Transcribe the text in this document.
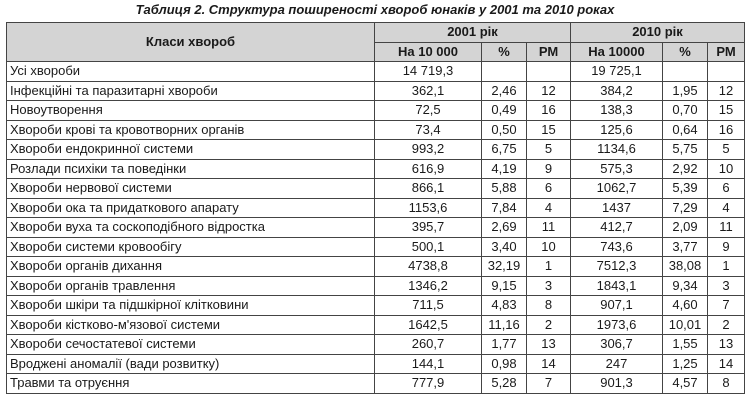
Таблиця 2. Структура поширеності хвороб юнаків у 2001 та 2010 роках
Класи хвороб	2001 рік			2010 рік		
	На 10 000	%	РМ	На 10000	%	РМ
Усі хвороби	14 719,3			19 725,1		
Інфекційні та паразитарні хвороби	362,1	2,46	12	384,2	1,95	12
Новоутворення	72,5	0,49	16	138,3	0,70	15
Хвороби крові та кровотворних органів	73,4	0,50	15	125,6	0,64	16
Хвороби ендокринної системи	993,2	6,75	5	1134,6	5,75	5
Розлади психіки та поведінки	616,9	4,19	9	575,3	2,92	10
Хвороби нервової системи	866,1	5,88	6	1062,7	5,39	6
Хвороби ока та придаткового апарату	1153,6	7,84	4	1437	7,29	4
Хвороби вуха та соскоподібного відростка	395,7	2,69	11	412,7	2,09	11
Хвороби системи кровообігу	500,1	3,40	10	743,6	3,77	9
Хвороби органів дихання	4738,8	32,19	1	7512,3	38,08	1
Хвороби органів травлення	1346,2	9,15	3	1843,1	9,34	3
Хвороби шкіри та підшкірної клітковини	711,5	4,83	8	907,1	4,60	7
Хвороби кістково-м'язової системи	1642,5	11,16	2	1973,6	10,01	2
Хвороби сечостатевої системи	260,7	1,77	13	306,7	1,55	13
Вроджені аномалії (вади розвитку)	144,1	0,98	14	247	1,25	14
Травми та отруєння	777,9	5,28	7	901,3	4,57	8
